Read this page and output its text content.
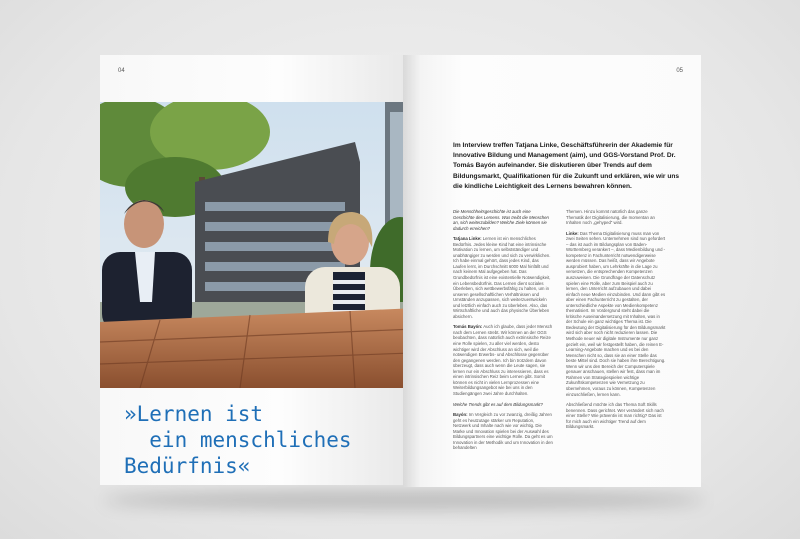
04
»Lernen ist
ein menschliches
Bedürfnis«
05

Im Interview treffen Tatjana Linke, Geschäftsführerin der Akademie für Innovative Bildung und Management (aim), und GGS-Vorstand Prof. Dr. Tomás Bayón aufeinander. Sie diskutieren über Trends auf dem Bildungsmarkt, Qualifikationen für die Zukunft und erklären, wie wir uns die kindliche Leichtigkeit des Lernens bewahren können.

Die Menschheitsgeschichte ist auch eine Geschichte des Lernens. Was treibt die Menschen an, sich weiterzubilden? Welche Ziele können sie dadurch erreichen?

Tatjana Linke: Lernen ist ein menschliches Bedürfnis. Jedes kleine Kind hat eine intrinsische Motivation zu lernen, um selbstständiger und unabhängiger zu werden und sich zu verwirklichen. Ich habe einmal gehört, dass jedes Kind, das Laufen lernt, im Durchschnitt 6000 Mal hinfällt und nach keinem Mal aufgegeben hat. Das Grundbedürfnis ist eine existentielle Notwendigkeit, ein Lebensbedürfnis. Das Lernen dient soziales Überleben, sich wettbewerbsfähig zu halten, um in unseren gesellschaftlichen Verhältnissen und Umständen anzupassen, sich weiterzuentwickeln und letztlich einfach auch zu überleben. Also, das Wirtschaftliche und auch das physische Überleben absichern.

Tomás Bayón: Auch ich glaube, dass jeder Mensch nach dem Lernen strebt. Wir können an der GGS beobachten, dass natürlich auch extrinsische Reize eine Rolle spielen, zu aller viel werden, desto wichtiger wird der Abschluss an sich, weil die notwendigen Erwerbs- und Abschlüsse gegenüber den gegangenen werden. Ich bin trotzdem davon überzeugt, dass auch wenn die Leute sagen, sie lernen nur ein Abschluss zu interessieren, dass es einen intrinsischen Reiz beim Lernen gibt. Somit können es nicht in vielen Lernprozessen eine Weiterbildungsangebot wie bei uns in den Studiengängen zwei Jahre durchhalten.

Welche Trends gibt es auf dem Bildungsmarkt?

Bayón: Im Vergleich zu vor zwanzig, dreißig Jahren geht es heutzutage stärker um Reputation, Netzwerk und Inhalte nach wie vor wichtig. Die Marke und Innovation spielen bei der Auswahl des Bildungspartners eine wichtige Rolle. Da geht es um Innovation in der Methodik und um Innovation in den behandelten

Themen. Hinzu kommt natürlich das ganze Thematik der Digitalisierung, die momentan an Inhalten noch „gehyped“ wird.

Linke: Das Thema Digitalisierung muss man von zwei Seiten sehen. Unternehmen sind nun gefordert – das ist auch im Bildungsplan von Baden-Württemberg verankert –, dass Medienbildung und -kompetenz in Fachunterricht notwendigerweise werden müssen. Das heißt, dass wir Angebote ausprobiert haben, um Lehrkräfte in die Lage zu versetzen, die entsprechenden Kompetenzen auszuweisen. Die Grundfrage der Datenschutz spielen eine Rolle, aber zum Beispiel auch zu lernen, den Unterricht aufzubauen und dabei einfach neue Medien einzubinden. Und dann gibt es aber einen Fachunterricht zu gestalten, der unterschiedliche Aspekte von Medienkompetenz thematisiert. Im Vordergrund steht dabei die kritische Auseinandersetzung mit Inhalten, was in der Schule ein ganz wichtiges Thema ist. Die Bedeutung der Digitalisierung für den Bildungsmarkt wird sich aber noch nicht reduzieren lassen. Die Methode neuer wir digitale Instrumente nur ganz gezielt ein, weil wir festgestellt haben, die reinen E-Learning-Angebote machen und es bei den Menschen nicht so, dass sie an einer Stelle das beste Mittel sind. Doch sie haben ihre Berechtigung. Wenn wir uns den Bereich der Computerspiele genauer anschauen, stellen wir fest, dass man im Rahmen von Strategiespielen wichtige Zukunftskompetenzen wie Vernetzung zu übernehmen, voraus zu können, Kompetenzen einzuschließen, lernen kann.

Abschließend möchte ich das Thema Soft Skills benennen. Dass gerichtet. Wer verändert sich nach einer Stelle? Wie präventiv ist man richtig? Das ist für mich auch ein wichtiger Trend auf dem Bildungsmarkt.
